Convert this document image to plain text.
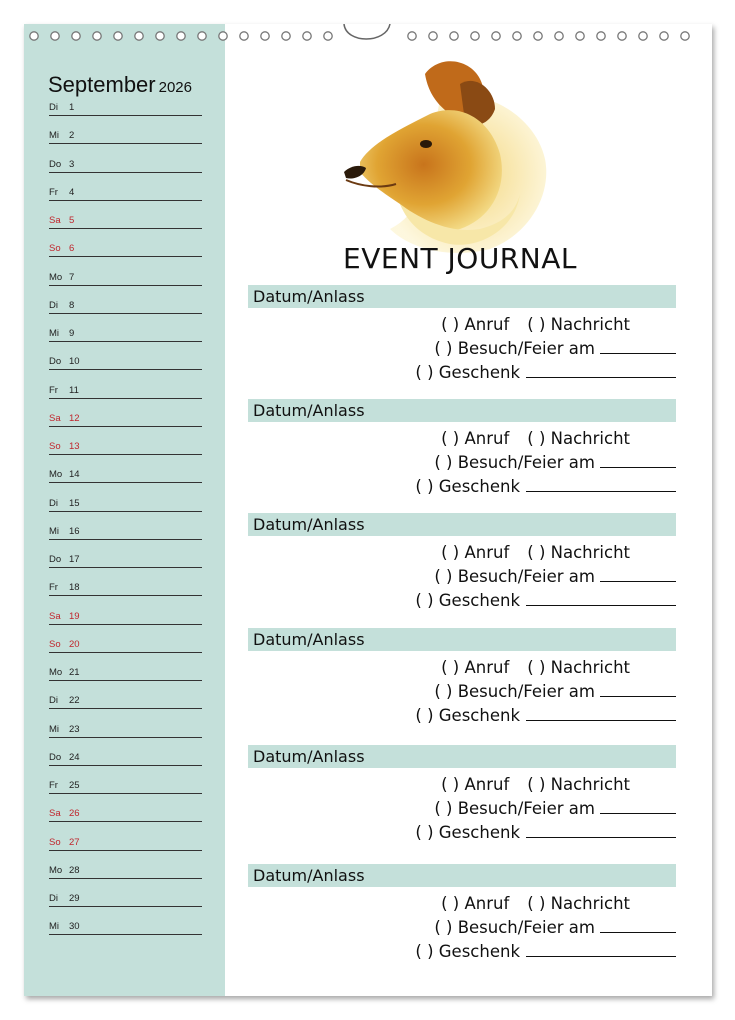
September 2026
Di 1
Mi 2
Do 3
Fr 4
Sa 5
So 6
Mo 7
Di 8
Mi 9
Do 10
Fr 11
Sa 12
So 13
Mo 14
Di 15
Mi 16
Do 17
Fr 18
Sa 19
So 20
Mo 21
Di 22
Mi 23
Do 24
Fr 25
Sa 26
So 27
Mo 28
Di 29
Mi 30
EVENT JOURNAL
Datum/Anlass
( ) Anruf ( ) Nachricht
( ) Besuch/Feier am
( ) Geschenk
Datum/Anlass
( ) Anruf ( ) Nachricht
( ) Besuch/Feier am
( ) Geschenk
Datum/Anlass
( ) Anruf ( ) Nachricht
( ) Besuch/Feier am
( ) Geschenk
Datum/Anlass
( ) Anruf ( ) Nachricht
( ) Besuch/Feier am
( ) Geschenk
Datum/Anlass
( ) Anruf ( ) Nachricht
( ) Besuch/Feier am
( ) Geschenk
Datum/Anlass
( ) Anruf ( ) Nachricht
( ) Besuch/Feier am
( ) Geschenk
